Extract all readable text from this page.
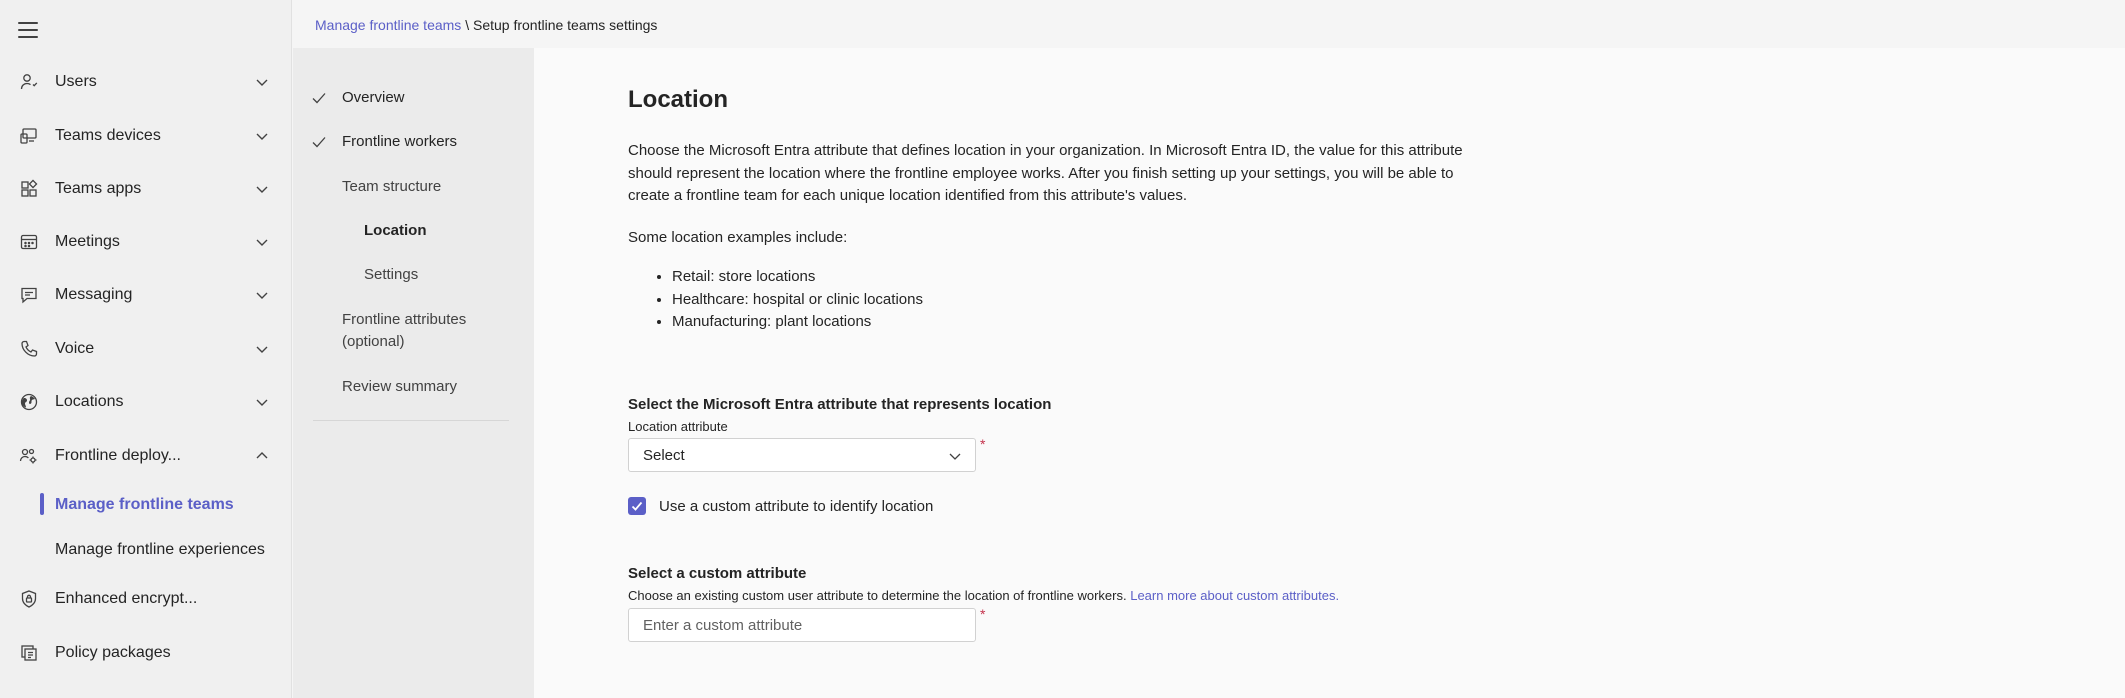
Users
Teams devices
Teams apps
Meetings
Messaging
Voice
Locations
Frontline deploy...
Manage frontline teams
Manage frontline experiences
Enhanced encrypt...
Policy packages
Manage frontline teams \ Setup frontline teams settings
Overview
Frontline workers
Team structure
Location
Settings
Frontline attributes
(optional)
Review summary
Location
Choose the Microsoft Entra attribute that defines location in your organization. In Microsoft Entra ID, the value for this attribute should represent the location where the frontline employee works. After you finish setting up your settings, you will be able to create a frontline team for each unique location identified from this attribute's values.
Some location examples include:
• Retail: store locations
• Healthcare: hospital or clinic locations
• Manufacturing: plant locations
Select the Microsoft Entra attribute that represents location
Location attribute
Select
*
Use a custom attribute to identify location
Select a custom attribute
Choose an existing custom user attribute to determine the location of frontline workers. Learn more about custom attributes.
Enter a custom attribute
*
